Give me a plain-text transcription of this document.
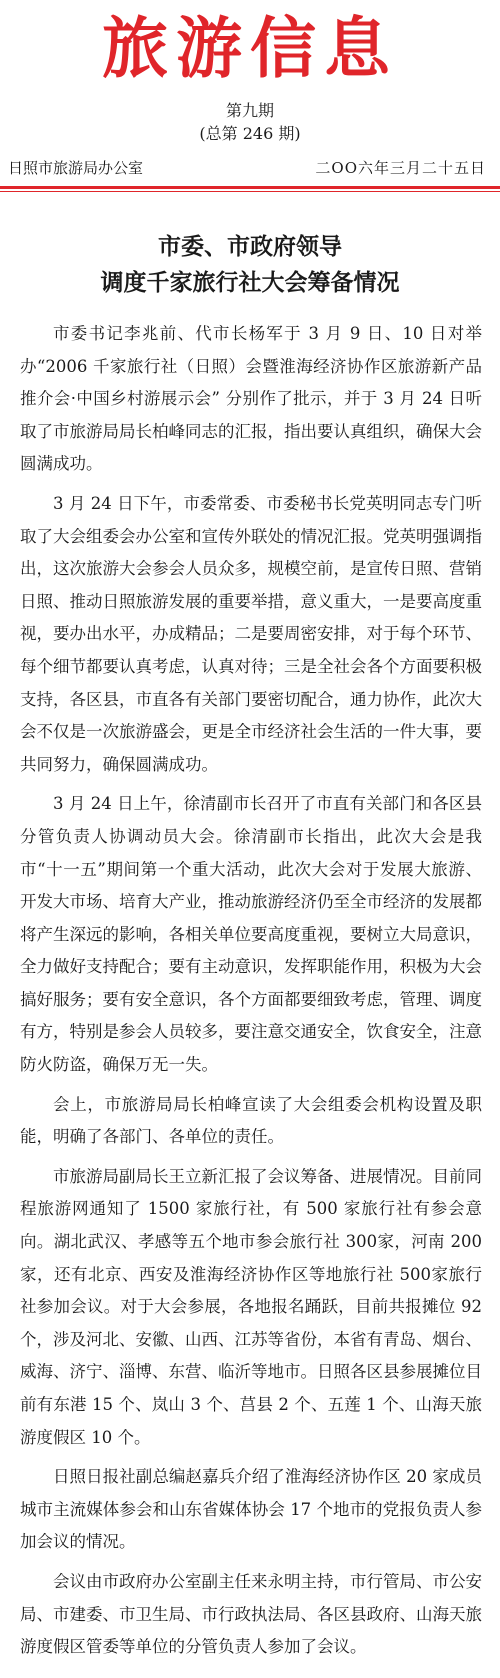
旅游信息
第九期
(总第 246 期)
日照市旅游局办公室	二OO六年三月二十五日
市委、市政府领导
调度千家旅行社大会筹备情况

市委书记李兆前、代市长杨军于 3 月 9 日、10 日对举办“2006 千家旅行社（日照）会暨淮海经济协作区旅游新产品推介会·中国乡村游展示会” 分别作了批示，并于 3 月 24 日听取了市旅游局局长柏峰同志的汇报，指出要认真组织，确保大会圆满成功。

3 月 24 日下午，市委常委、市委秘书长党英明同志专门听取了大会组委会办公室和宣传外联处的情况汇报。党英明强调指出，这次旅游大会参会人员众多，规模空前，是宣传日照、营销日照、推动日照旅游发展的重要举措，意义重大，一是要高度重视，要办出水平，办成精品；二是要周密安排，对于每个环节、每个细节都要认真考虑，认真对待；三是全社会各个方面要积极支持，各区县，市直各有关部门要密切配合，通力协作，此次大会不仅是一次旅游盛会，更是全市经济社会生活的一件大事，要共同努力，确保圆满成功。

3 月 24 日上午，徐清副市长召开了市直有关部门和各区县分管负责人协调动员大会。徐清副市长指出，此次大会是我市“十一五”期间第一个重大活动，此次大会对于发展大旅游、开发大市场、培育大产业，推动旅游经济仍至全市经济的发展都将产生深远的影响，各相关单位要高度重视，要树立大局意识，全力做好支持配合；要有主动意识，发挥职能作用，积极为大会搞好服务；要有安全意识，各个方面都要细致考虑，管理、调度有方，特别是参会人员较多，要注意交通安全，饮食安全，注意防火防盗，确保万无一失。

会上，市旅游局局长柏峰宣读了大会组委会机构设置及职能，明确了各部门、各单位的责任。

市旅游局副局长王立新汇报了会议筹备、进展情况。目前同程旅游网通知了 1500 家旅行社，有 500 家旅行社有参会意向。湖北武汉、孝感等五个地市参会旅行社 300家，河南 200家，还有北京、西安及淮海经济协作区等地旅行社 500家旅行社参加会议。对于大会参展，各地报名踊跃，目前共报摊位 92 个，涉及河北、安徽、山西、江苏等省份，本省有青岛、烟台、威海、济宁、淄博、东营、临沂等地市。日照各区县参展摊位目前有东港 15 个、岚山 3 个、莒县 2 个、五莲 1 个、山海天旅游度假区 10 个。

日照日报社副总编赵嘉兵介绍了淮海经济协作区 20 家成员城市主流媒体参会和山东省媒体协会 17 个地市的党报负责人参加会议的情况。

会议由市政府办公室副主任来永明主持，市行管局、市公安局、市建委、市卫生局、市行政执法局、各区县政府、山海天旅游度假区管委等单位的分管负责人参加了会议。
